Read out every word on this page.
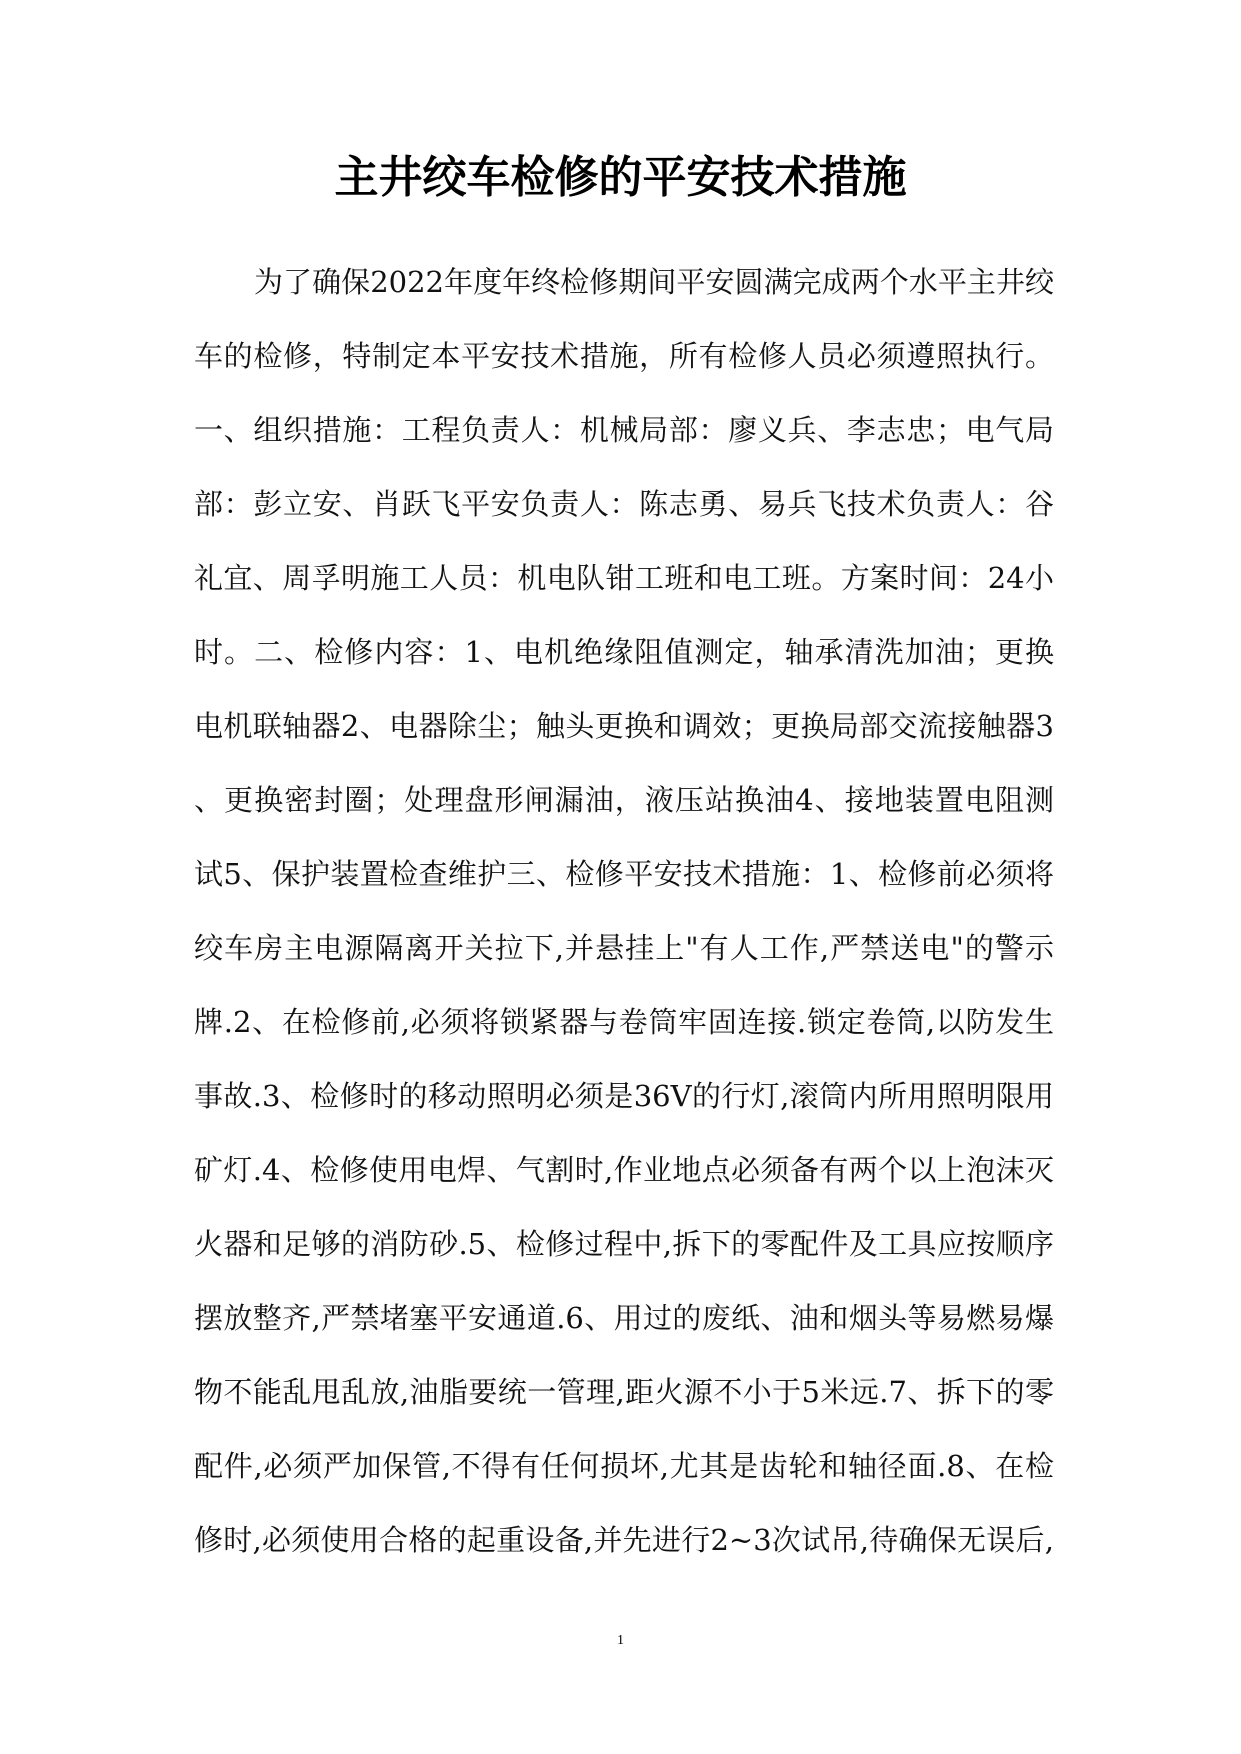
主井绞车检修的平安技术措施
为了确保2022年度年终检修期间平安圆满完成两个水平主井绞
车的检修，特制定本平安技术措施，所有检修人员必须遵照执行。
一、组织措施：工程负责人：机械局部：廖义兵、李志忠；电气局
部：彭立安、肖跃飞平安负责人：陈志勇、易兵飞技术负责人：谷
礼宜、周孚明施工人员：机电队钳工班和电工班。方案时间：24小
时。二、检修内容：1、电机绝缘阻值测定，轴承清洗加油；更换
电机联轴器2、电器除尘；触头更换和调效；更换局部交流接触器3
、更换密封圈；处理盘形闸漏油，液压站换油4、接地装置电阻测
试5、保护装置检查维护三、检修平安技术措施：1、检修前必须将
绞车房主电源隔离开关拉下,并悬挂上"有人工作,严禁送电"的警示
牌.2、在检修前,必须将锁紧器与卷筒牢固连接.锁定卷筒,以防发生
事故.3、检修时的移动照明必须是36V的行灯,滚筒内所用照明限用
矿灯.4、检修使用电焊、气割时,作业地点必须备有两个以上泡沫灭
火器和足够的消防砂.5、检修过程中,拆下的零配件及工具应按顺序
摆放整齐,严禁堵塞平安通道.6、用过的废纸、油和烟头等易燃易爆
物不能乱甩乱放,油脂要统一管理,距火源不小于5米远.7、拆下的零
配件,必须严加保管,不得有任何损坏,尤其是齿轮和轴径面.8、在检
修时,必须使用合格的起重设备,并先进行2~3次试吊,待确保无误后,
1
